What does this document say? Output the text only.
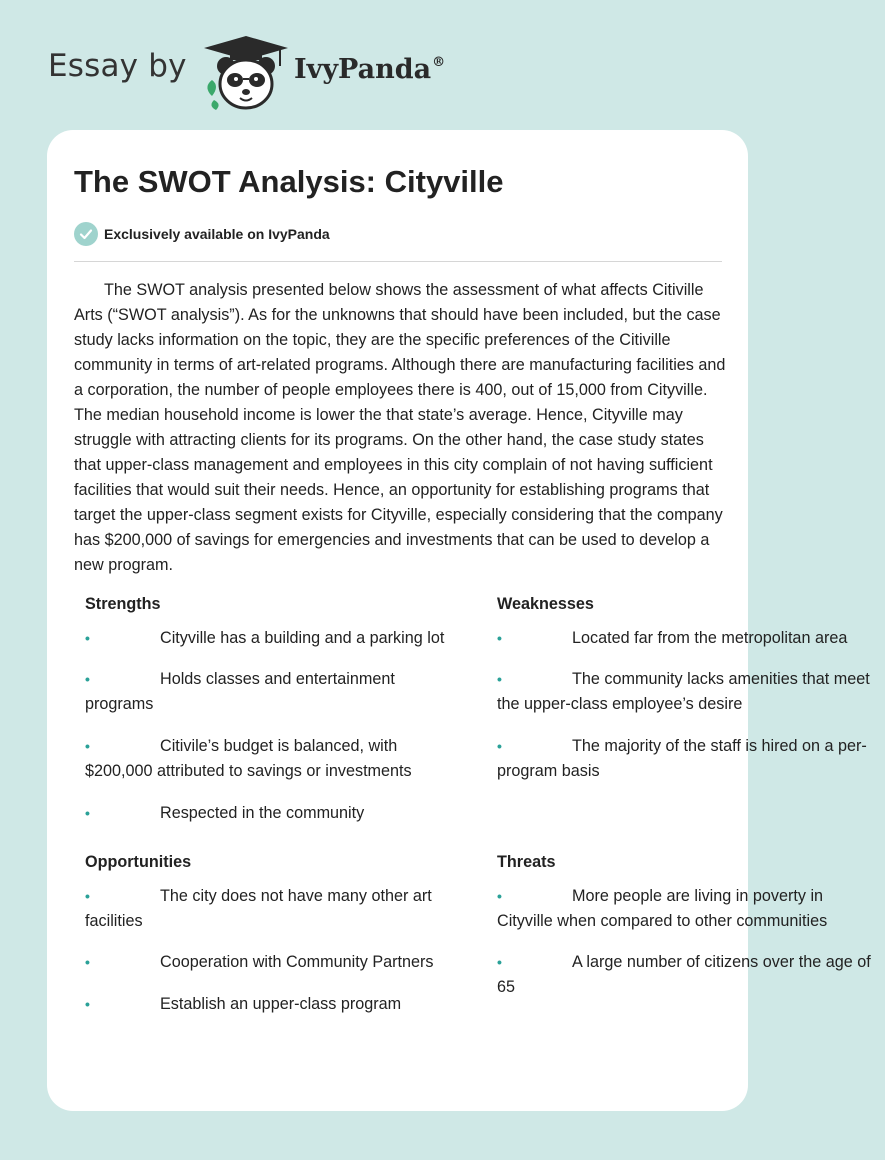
Essay by	IvyPanda®
The SWOT Analysis: Cityville
Exclusively available on IvyPanda

The SWOT analysis presented below shows the assessment of what affects Citiville Arts (“SWOT analysis”). As for the unknowns that should have been included, but the case study lacks information on the topic, they are the specific preferences of the Citiville community in terms of art-related programs. Although there are manufacturing facilities and a corporation, the number of people employees there is 400, out of 15,000 from Cityville. The median household income is lower the that state’s average. Hence, Cityville may struggle with attracting clients for its programs. On the other hand, the case study states that upper-class management and employees in this city complain of not having sufficient facilities that would suit their needs. Hence, an opportunity for establishing programs that target the upper-class segment exists for Cityville, especially considering that the company has $200,000 of savings for emergencies and investments that can be used to develop a new program.

Strengths
•	Cityville has a building and a parking lot
•	Holds classes and entertainment programs
•	Citivile’s budget is balanced, with $200,000 attributed to savings or investments
•	Respected in the community
Opportunities
•	The city does not have many other art facilities
•	Cooperation with Community Partners
•	Establish an upper-class program
Weaknesses
•	Located far from the metropolitan area
•	The community lacks amenities that meet the upper-class employee’s desire
•	The majority of the staff is hired on a per-program basis
Threats
•	More people are living in poverty in Cityville when compared to other communities
•	A large number of citizens over the age of 65
